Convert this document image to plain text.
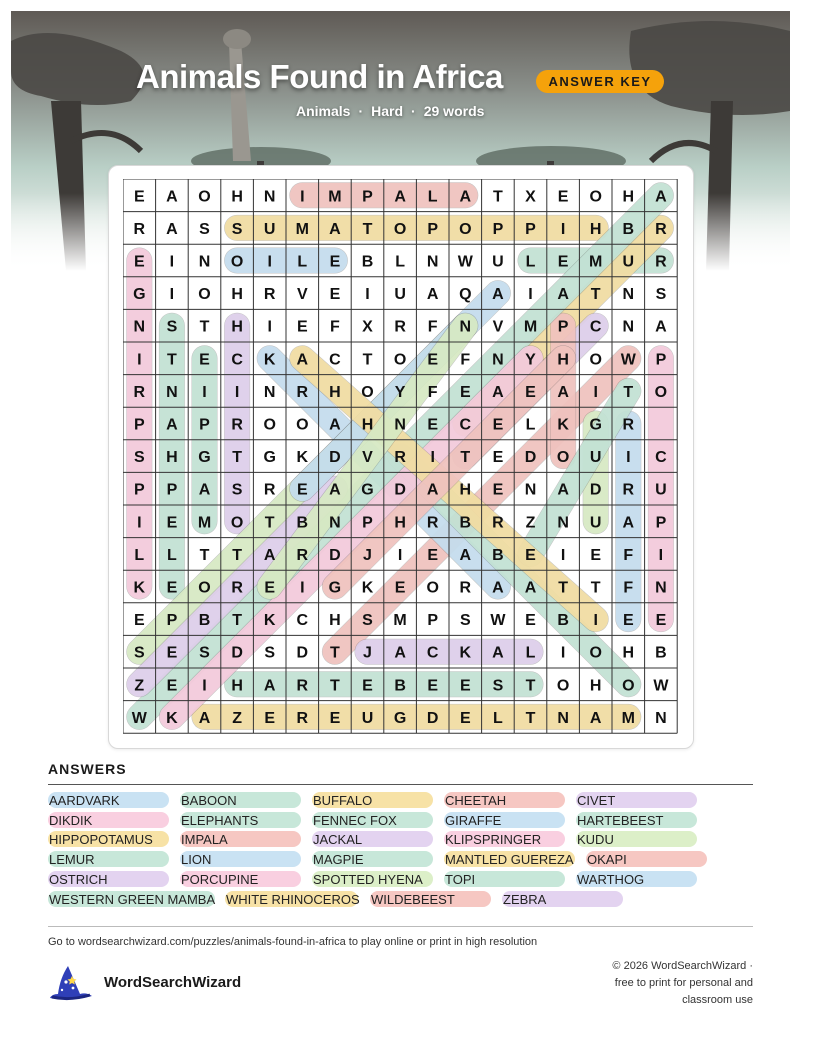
Animals Found in Africa	ANSWER KEY
Animals · Hard · 29 words
E A O H N I M P A L A T X E O H A
R A S S U M A T O P O P P I H B R
E I N O I L E B L N W U L E M U R
G I O H R V E I U A Q A I A T N S
N S T H I E F X R F N V M P C N A
I T E C K A C T O E F N Y H O W P
R N I I N R H O Y F E A E A I T O
P A P R O O A H N E C E L K G R
S H G T G K D V R I T E D O U I C
P P A S R E A G D A H E N A D R U
I E M O T B N P H R B R Z N U A P
L L T T A R D J I E A B E I E F I
K E O R E I G K E O R A A T T F N
E P B T K C H S M P S W E B I E E
S E S D S D T J A C K A L I O H B
Z E I H A R T E B E E S T O H O W
W K A Z E R E U G D E L T N A M N
ANSWERS
AARDVARK	BABOON	BUFFALO	CHEETAH	CIVET
DIKDIK	ELEPHANTS	FENNEC FOX	GIRAFFE	HARTEBEEST
HIPPOPOTAMUS	IMPALA	JACKAL	KLIPSPRINGER	KUDU
LEMUR	LION	MAGPIE	MANTLED GUEREZA OKAPI
OSTRICH	PORCUPINE	SPOTTED HYENA	TOPI	WARTHOG
WESTERN GREEN MAMBA WHITE RHINOCEROS WILDEBEEST	ZEBRA
Go to wordsearchwizard.com/puzzles/animals-found-in-africa to play online or print in high resolution
WordSearchWizard
© 2026 WordSearchWizard ·
free to print for personal and
classroom use
